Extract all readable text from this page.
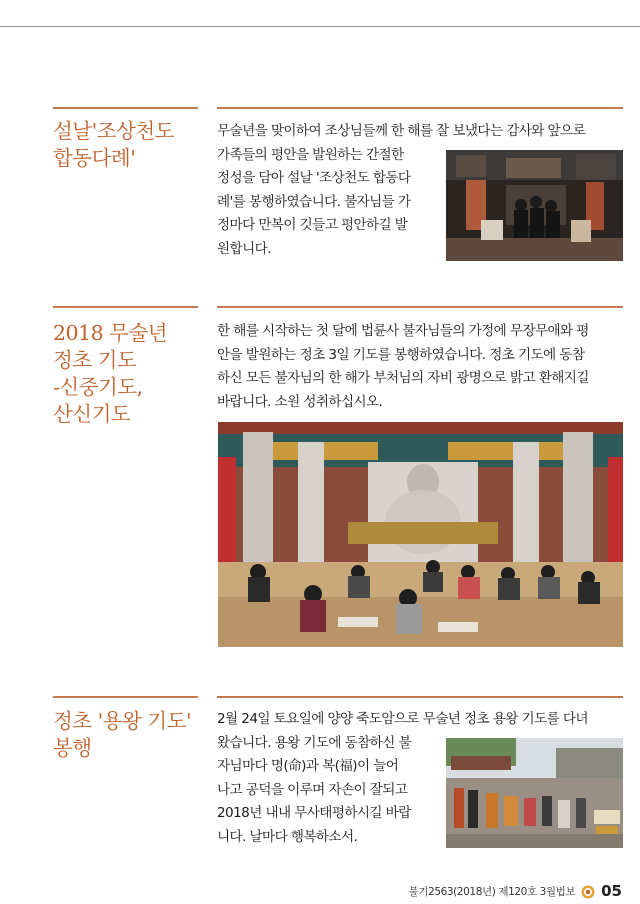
설날'조상천도
합동다례'
무술년을 맞이하여 조상님들께 한 해를 잘 보냈다는 감사와 앞으로
가족들의 평안을 발원하는 간절한
정성을 담아 설날 '조상천도 합동다
례'를 봉행하였습니다. 불자님들 가
정마다 만복이 깃들고 평안하길 발
원합니다.
2018 무술년
정초 기도
-신중기도,
산신기도
한 해를 시작하는 첫 달에 법륜사 불자님들의 가정에 무장무애와 평
안을 발원하는 정초 3일 기도를 봉행하였습니다. 정초 기도에 동참
하신 모든 불자님의 한 해가 부처님의 자비 광명으로 밝고 환해지길
바랍니다. 소원 성취하십시오.
정초 '용왕 기도'
봉행
2월 24일 토요일에 양양 죽도암으로 무술년 정초 용왕 기도를 다녀
왔습니다. 용왕 기도에 동참하신 불
자님마다 명(命)과 복(福)이 늘어
나고 공덕을 이루며 자손이 잘되고
2018년 내내 무사태평하시길 바랍
니다. 날마다 행복하소서.
불기2563(2018년) 제120호 3월법보 05
